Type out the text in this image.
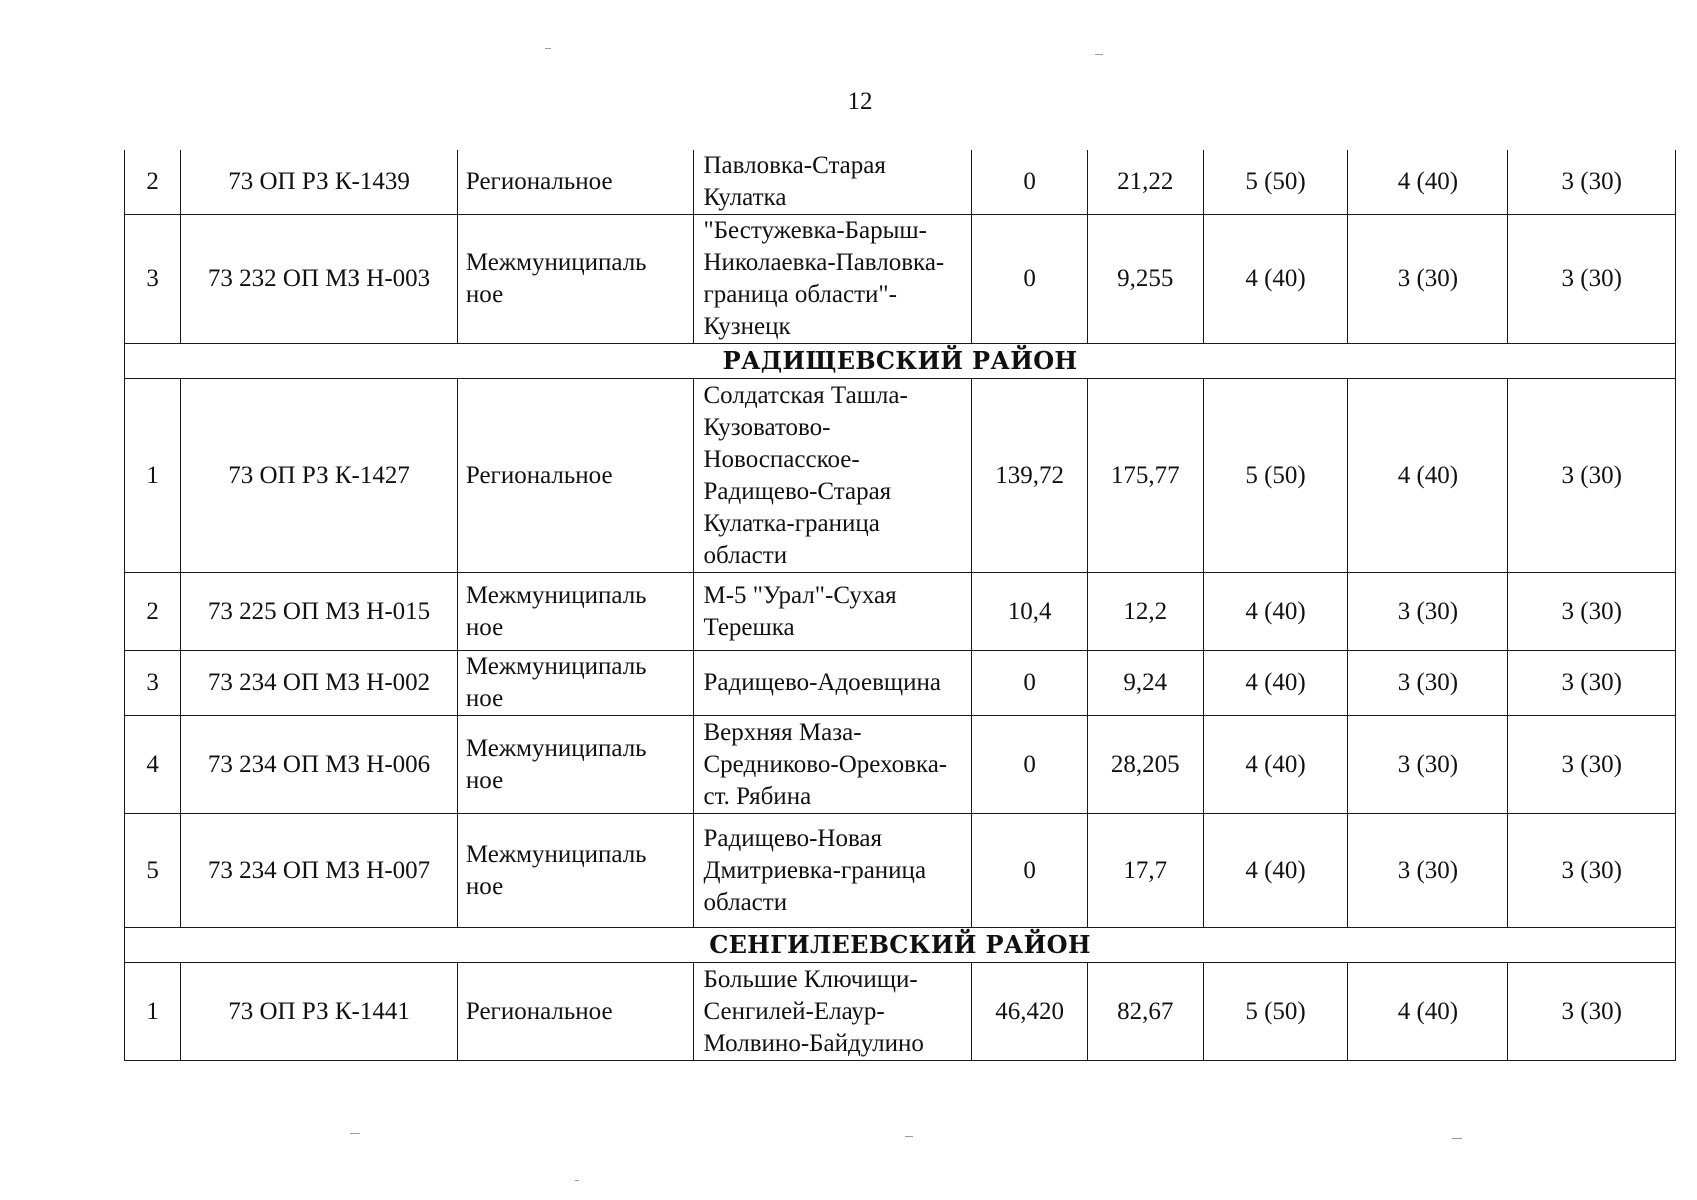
12
2	73 ОП РЗ К-1439	Региональное	Павловка-Старая Кулатка	0	21,22	5 (50)	4 (40)	3 (30)
3	73 232 ОП МЗ Н-003	Межмуниципаль ное	"Бестужевка-Барыш-Николаевка-Павловка-граница области"- Кузнецк	0	9,255	4 (40)	3 (30)	3 (30)
РАДИЩЕВСКИЙ РАЙОН								
1	73 ОП РЗ К-1427	Региональное	Солдатская Ташла-Кузоватово-Новоспасское-Радищево-Старая Кулатка-граница области	139,72	175,77	5 (50)	4 (40)	3 (30)
2	73 225 ОП МЗ Н-015	Межмуниципаль ное	М-5 "Урал"-Сухая Терешка	10,4	12,2	4 (40)	3 (30)	3 (30)
3	73 234 ОП МЗ Н-002	Межмуниципаль ное	Радищево-Адоевщина	0	9,24	4 (40)	3 (30)	3 (30)
4	73 234 ОП МЗ Н-006	Межмуниципаль ное	Верхняя Маза-Средниково-Ореховка-ст. Рябина	0	28,205	4 (40)	3 (30)	3 (30)
5	73 234 ОП МЗ Н-007	Межмуниципаль ное	Радищево-Новая Дмитриевка-граница области	0	17,7	4 (40)	3 (30)	3 (30)
СЕНГИЛЕЕВСКИЙ РАЙОН								
1	73 ОП РЗ К-1441	Региональное	Большие Ключищи-Сенгилей-Елаур-Молвино-Байдулино	46,420	82,67	5 (50)	4 (40)	3 (30)
